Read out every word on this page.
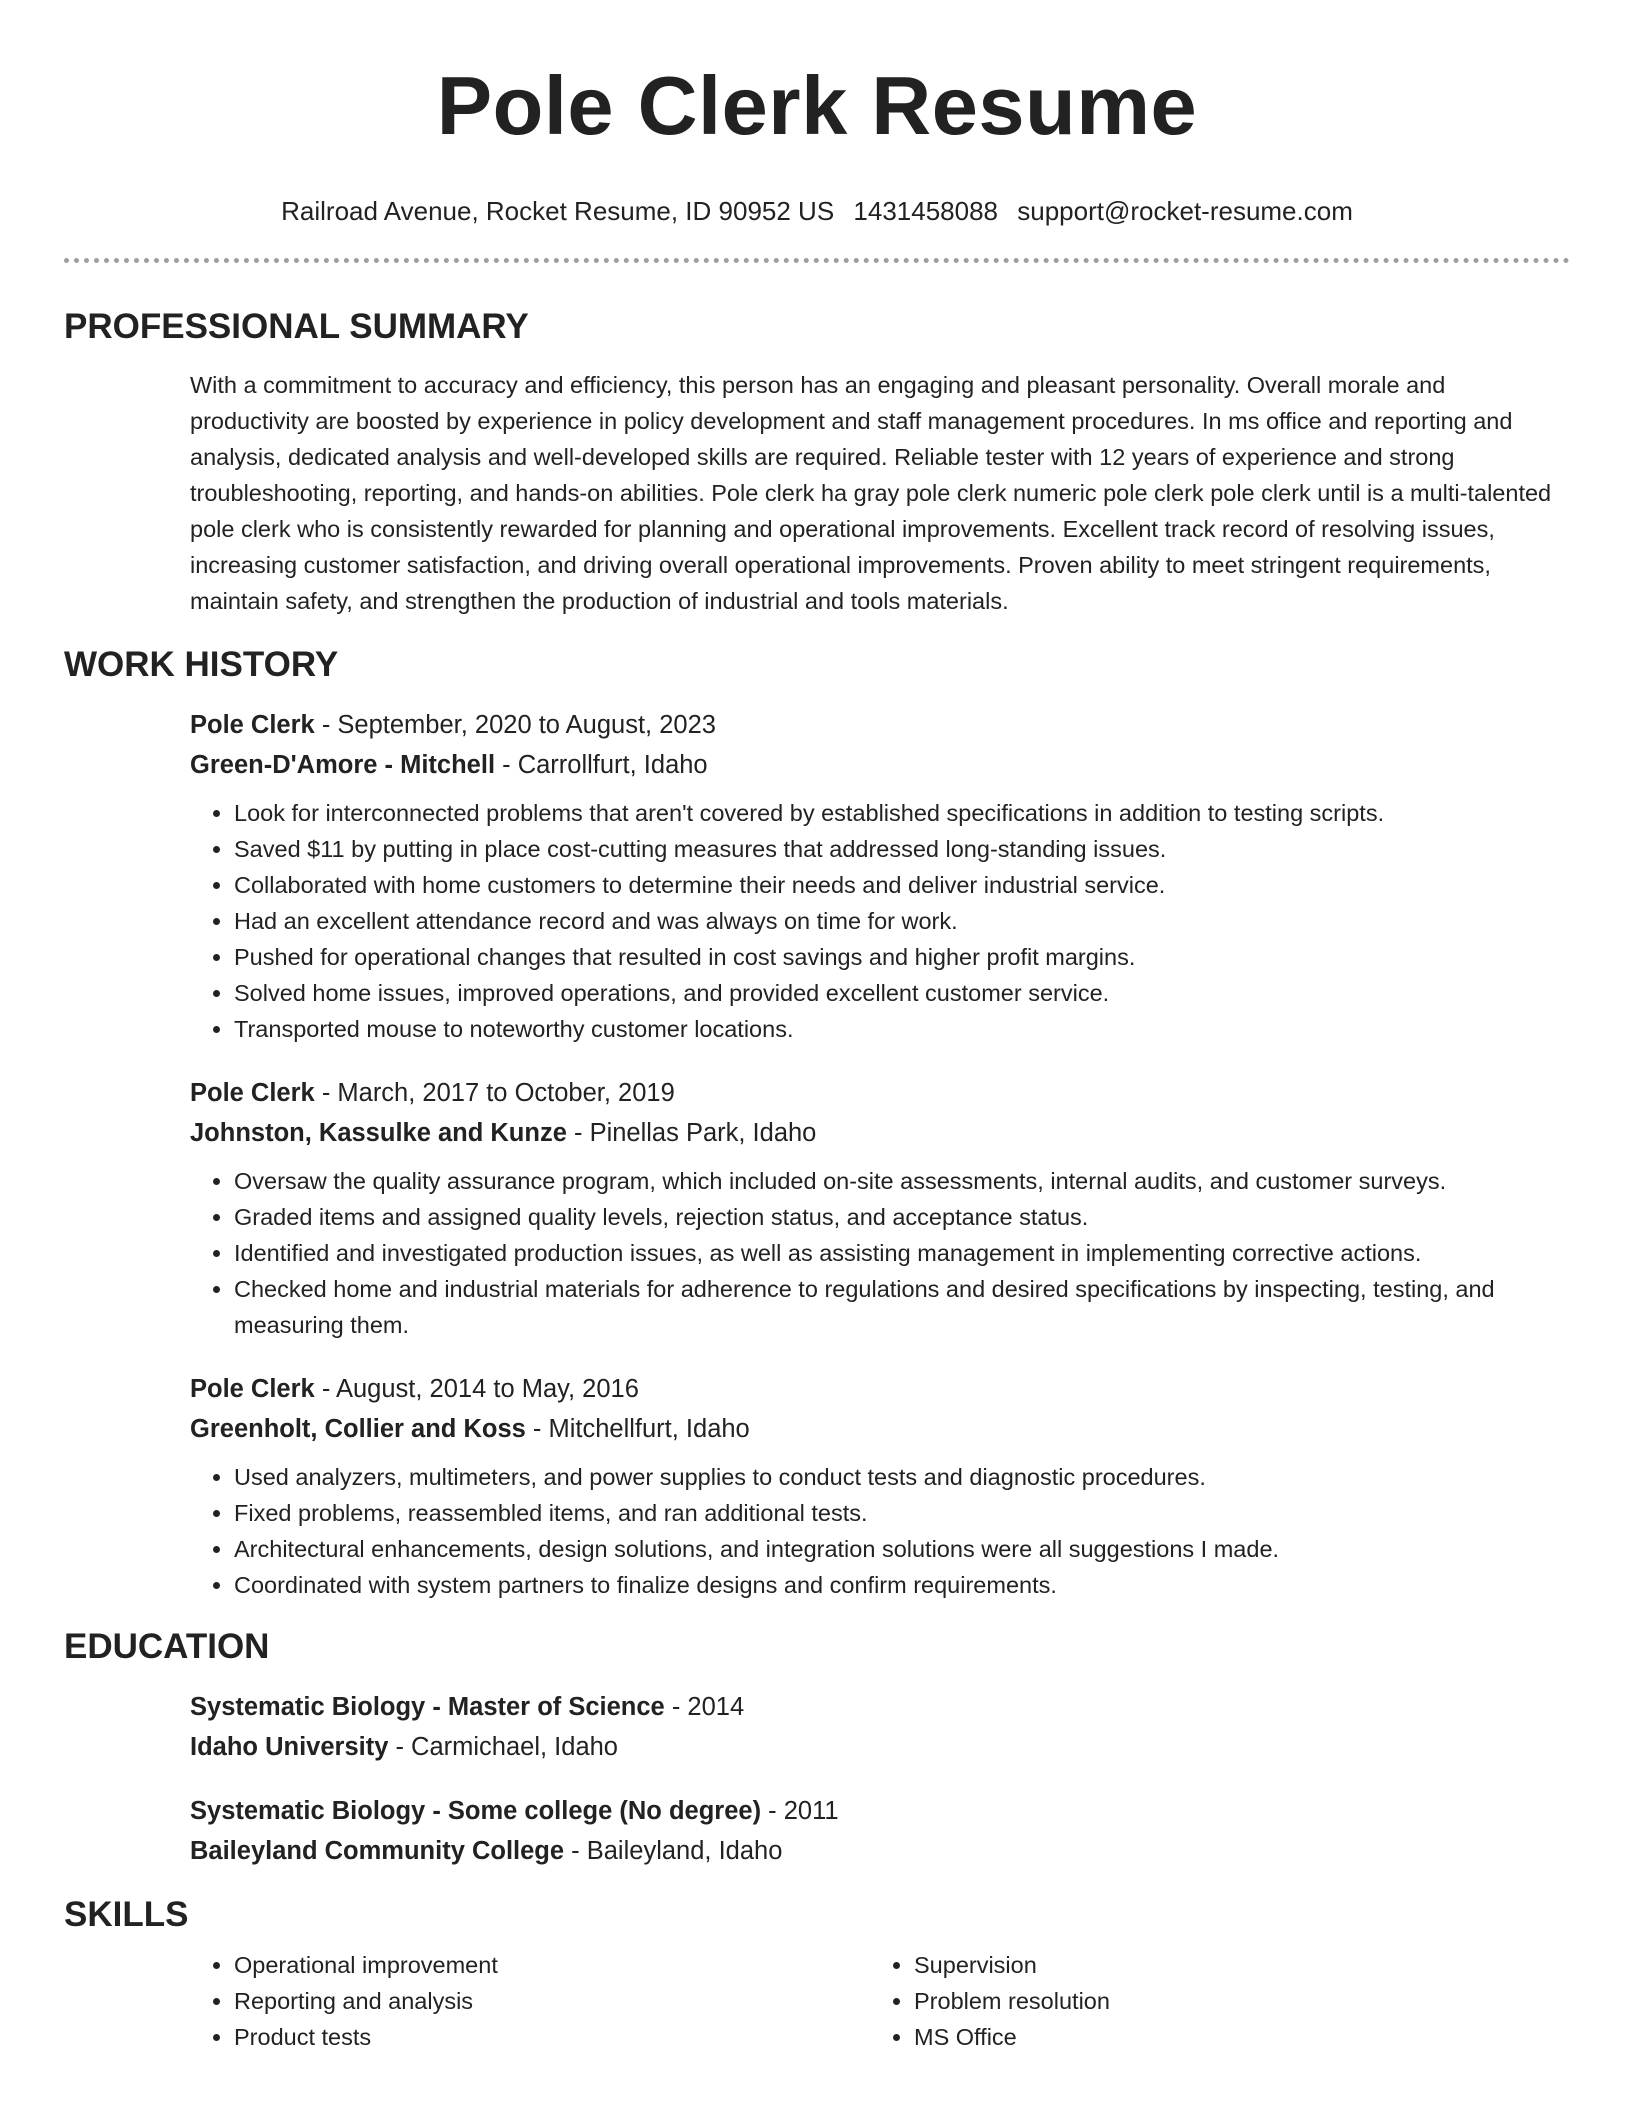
Pole Clerk Resume
Railroad Avenue, Rocket Resume, ID 90952 US 1431458088 support@rocket-resume.com
PROFESSIONAL SUMMARY
With a commitment to accuracy and efficiency, this person has an engaging and pleasant personality. Overall morale and productivity are boosted by experience in policy development and staff management procedures. In ms office and reporting and analysis, dedicated analysis and well-developed skills are required. Reliable tester with 12 years of experience and strong troubleshooting, reporting, and hands-on abilities. Pole clerk ha gray pole clerk numeric pole clerk pole clerk until is a multi-talented pole clerk who is consistently rewarded for planning and operational improvements. Excellent track record of resolving issues, increasing customer satisfaction, and driving overall operational improvements. Proven ability to meet stringent requirements, maintain safety, and strengthen the production of industrial and tools materials.
WORK HISTORY
Pole Clerk - September, 2020 to August, 2023
Green-D'Amore - Mitchell - Carrollfurt, Idaho
• Look for interconnected problems that aren't covered by established specifications in addition to testing scripts.
• Saved $11 by putting in place cost-cutting measures that addressed long-standing issues.
• Collaborated with home customers to determine their needs and deliver industrial service.
• Had an excellent attendance record and was always on time for work.
• Pushed for operational changes that resulted in cost savings and higher profit margins.
• Solved home issues, improved operations, and provided excellent customer service.
• Transported mouse to noteworthy customer locations.
Pole Clerk - March, 2017 to October, 2019
Johnston, Kassulke and Kunze - Pinellas Park, Idaho
• Oversaw the quality assurance program, which included on-site assessments, internal audits, and customer surveys.
• Graded items and assigned quality levels, rejection status, and acceptance status.
• Identified and investigated production issues, as well as assisting management in implementing corrective actions.
• Checked home and industrial materials for adherence to regulations and desired specifications by inspecting, testing, and measuring them.
Pole Clerk - August, 2014 to May, 2016
Greenholt, Collier and Koss - Mitchellfurt, Idaho
• Used analyzers, multimeters, and power supplies to conduct tests and diagnostic procedures.
• Fixed problems, reassembled items, and ran additional tests.
• Architectural enhancements, design solutions, and integration solutions were all suggestions I made.
• Coordinated with system partners to finalize designs and confirm requirements.
EDUCATION
Systematic Biology - Master of Science - 2014
Idaho University - Carmichael, Idaho
Systematic Biology - Some college (No degree) - 2011
Baileyland Community College - Baileyland, Idaho
SKILLS
• Operational improvement
• Reporting and analysis
• Product tests
• Supervision
• Problem resolution
• MS Office
